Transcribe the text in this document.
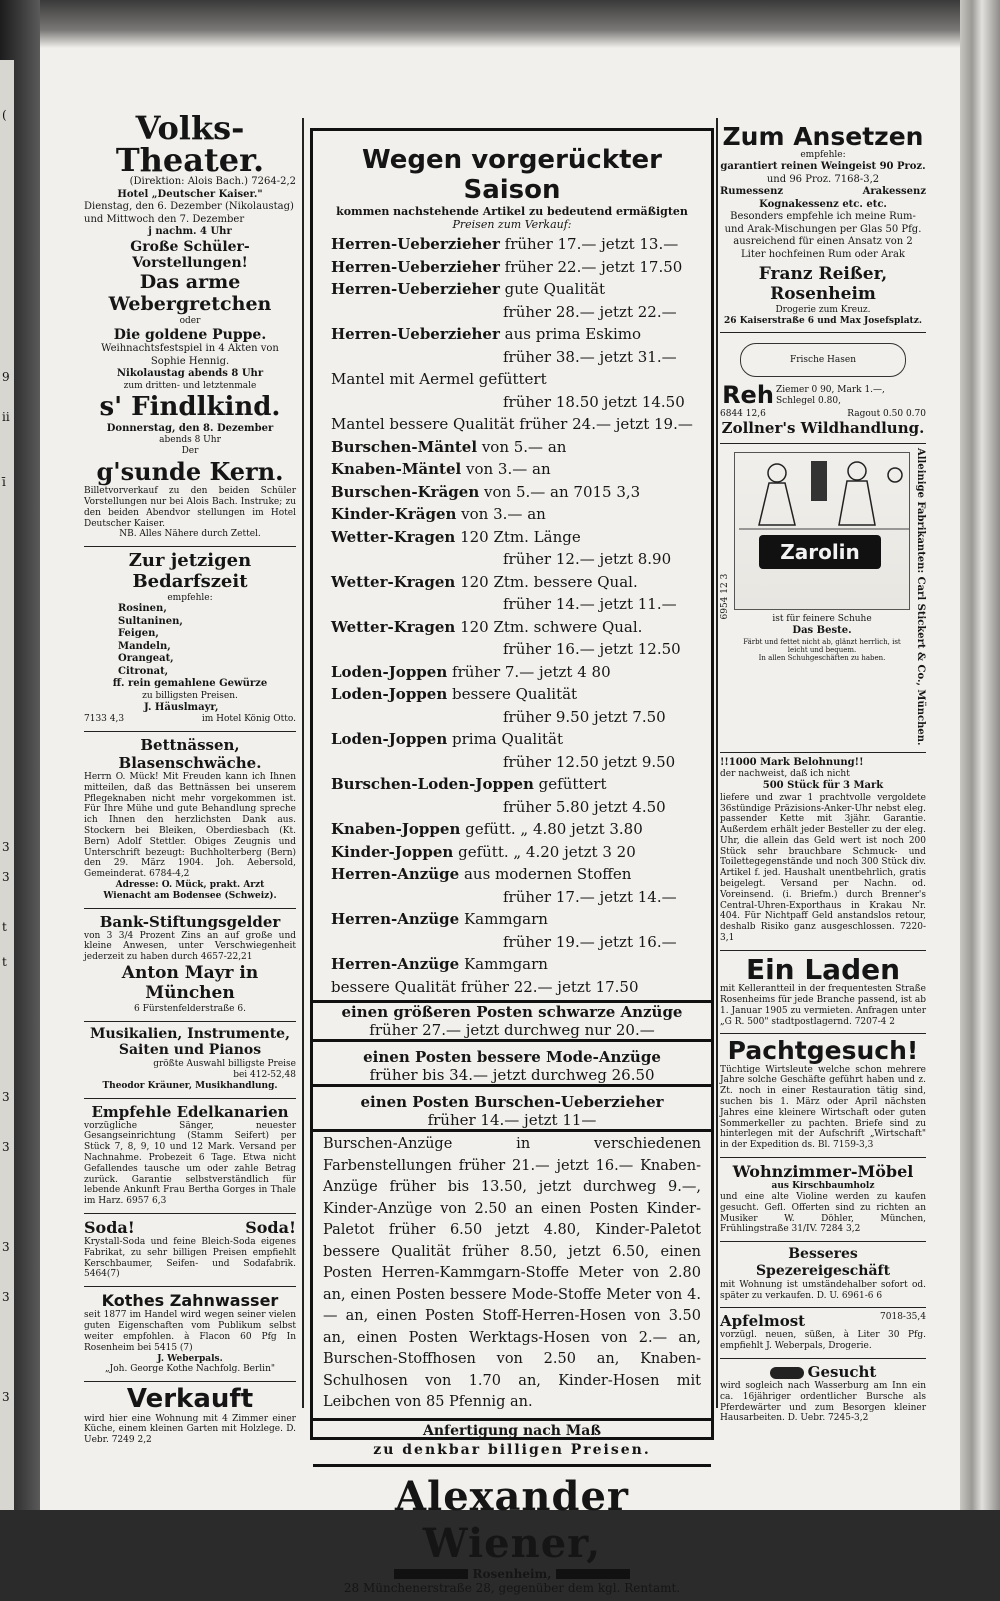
(
9
ii
ī
3
3
t
t
3
3
3
3
3
Volks-Theater.
(Direktion: Alois Bach.) 7264-2,2
Hotel „Deutscher Kaiser."
Dienstag, den 6. Dezember (Nikolaustag) und Mittwoch den 7. Dezember
j nachm. 4 Uhr
Große Schüler-Vorstellungen!
Das arme Webergretchen
oder
Die goldene Puppe.
Weihnachtsfestspiel in 4 Akten von Sophie Hennig.
Nikolaustag abends 8 Uhr
zum dritten- und letztenmale
s' Findlkind.
Donnerstag, den 8. Dezember
abends 8 Uhr
Der
g'sunde Kern.
Billetvorverkauf zu den beiden Schüler Vorstellungen nur bei Alois Bach. Instruke; zu den beiden Abendvor stellungen im Hotel Deutscher Kaiser.
NB. Alles Nähere durch Zettel.
Zur jetzigen Bedarfszeit
empfehle:
Rosinen,
Sultaninen,
Feigen,
Mandeln,
Orangeat,
Citronat,
ff. rein gemahlene Gewürze
zu billigsten Preisen.
J. Häuslmayr,
7133 4,3	im Hotel König Otto.
Bettnässen, Blasenschwäche.
Herrn O. Mück! Mit Freuden kann ich Ihnen mitteilen, daß das Bettnässen bei unserem Pflegeknaben nicht mehr vorgekommen ist. Für Ihre Mühe und gute Behandlung spreche ich Ihnen den herzlichsten Dank aus. Stockern bei Bleiken, Oberdiesbach (Kt. Bern) Adolf Stettler. Obiges Zeugnis und Unterschrift bezeugt: Buchholterberg (Bern) den 29. März 1904. Joh. Aebersold, Gemeinderat. 6784-4,2
Adresse: O. Mück, prakt. Arzt
Wienacht am Bodensee (Schweiz).
Bank-Stiftungsgelder
von 3 3/4 Prozent Zins an auf große und kleine Anwesen, unter Verschwiegenheit jederzeit zu haben durch 4657-22,21
Anton Mayr in München
6 Fürstenfelderstraße 6.
Musikalien, Instrumente, Saiten und Pianos
größte Auswahl billigste Preise
bei 412-52,48
Theodor Kräuner, Musikhandlung.
Empfehle Edelkanarien
vorzügliche Sänger, neuester Gesangseinrichtung (Stamm Seifert) per Stück 7, 8, 9, 10 und 12 Mark. Versand per Nachnahme. Probezeit 6 Tage. Etwa nicht Gefallendes tausche um oder zahle Betrag zurück. Garantie selbstverständlich für lebende Ankunft Frau Bertha Gorges in Thale im Harz. 6957 6,3
Soda!	Soda!
Krystall-Soda und feine Bleich-Soda eigenes Fabrikat, zu sehr billigen Preisen empfiehlt Kerschbaumer, Seifen- und Sodafabrik. 5464(7)
Kothes Zahnwasser
seit 1877 im Handel wird wegen seiner vielen guten Eigenschaften vom Publikum selbst weiter empfohlen. à Flacon 60 Pfg In Rosenheim bei 5415 (7)
J. Weberpals.
„Joh. George Kothe Nachfolg. Berlin"
Verkauft
wird hier eine Wohnung mit 4 Zimmer einer Küche, einem kleinen Garten mit Holzlege. D. Uebr. 7249 2,2
Wegen vorgerückter Saison
kommen nachstehende Artikel zu bedeutend ermäßigten
Preisen zum Verkauf:
Herren-Ueberzieher früher 17.— jetzt 13.—
Herren-Ueberzieher früher 22.— jetzt 17.50
Herren-Ueberzieher gute Qualität
früher 28.— jetzt 22.—
Herren-Ueberzieher aus prima Eskimo
früher 38.— jetzt 31.—
Mantel mit Aermel gefüttert
früher 18.50 jetzt 14.50
Mantel bessere Qualität früher 24.— jetzt 19.—
Burschen-Mäntel von 5.— an
Knaben-Mäntel von 3.— an
Burschen-Krägen von 5.— an 7015 3,3
Kinder-Krägen von 3.— an
Wetter-Kragen 120 Ztm. Länge
früher 12.— jetzt 8.90
Wetter-Kragen 120 Ztm. bessere Qual.
früher 14.— jetzt 11.—
Wetter-Kragen 120 Ztm. schwere Qual.
früher 16.— jetzt 12.50
Loden-Joppen früher 7.— jetzt 4 80
Loden-Joppen bessere Qualität
früher 9.50 jetzt 7.50
Loden-Joppen prima Qualität
früher 12.50 jetzt 9.50
Burschen-Loden-Joppen gefüttert
früher 5.80 jetzt 4.50
Knaben-Joppen gefütt. „ 4.80 jetzt 3.80
Kinder-Joppen gefütt. „ 4.20 jetzt 3 20
Herren-Anzüge aus modernen Stoffen
früher 17.— jetzt 14.—
Herren-Anzüge Kammgarn
früher 19.— jetzt 16.—
Herren-Anzüge Kammgarn
bessere Qualität früher 22.— jetzt 17.50
einen größeren Posten schwarze Anzüge
früher 27.— jetzt durchweg nur 20.—
einen Posten bessere Mode-Anzüge
früher bis 34.— jetzt durchweg 26.50
einen Posten Burschen-Ueberzieher
früher 14.— jetzt 11—
Burschen-Anzüge in verschiedenen Farbenstellungen früher 21.— jetzt 16.— Knaben-Anzüge früher bis 13.50, jetzt durchweg 9.—, Kinder-Anzüge von 2.50 an einen Posten Kinder-Paletot früher 6.50 jetzt 4.80, Kinder-Paletot bessere Qualität früher 8.50, jetzt 6.50, einen Posten Herren-Kammgarn-Stoffe Meter von 2.80 an, einen Posten bessere Mode-Stoffe Meter von 4.— an, einen Posten Stoff-Herren-Hosen von 3.50 an, einen Posten Werktags-Hosen von 2.— an, Burschen-Stoffhosen von 2.50 an, Knaben-Schulhosen von 1.70 an, Kinder-Hosen mit Leibchen von 85 Pfennig an.
Anfertigung nach Maß
zu denkbar billigen Preisen.
Alexander Wiener,
Rosenheim,
28 Münchenerstraße 28, gegenüber dem kgl. Rentamt.
Zum Ansetzen
empfehle:
garantiert reinen Weingeist 90 Proz.
und 96 Proz. 7168-3,2
Rumessenz	Arakessenz
Kognakessenz etc. etc.
Besonders empfehle ich meine Rum- und Arak-Mischungen per Glas 50 Pfg. ausreichend für einen Ansatz von 2 Liter hochfeinen Rum oder Arak
Franz Reißer, Rosenheim
Drogerie zum Kreuz.
26 Kaiserstraße 6 und Max Josefsplatz.
Frische Hasen
Reh Ziemer 0 90, Mark 1.—,
Schlegel 0.80,
6844 12,6	Ragout 0.50 0.70
Zollner's Wildhandlung.
6954 12 3
Zarolin
ist für feinere Schuhe
Das Beste.
Färbt und fettet nicht ab, glänzt herrlich, ist leicht und bequem.
In allen Schuhgeschäften zu haben.	Alleinige Fabrikanten: Carl Stickert & Co., München.
!!1000 Mark Belohnung!!
der nachweist, daß ich nicht
500 Stück für 3 Mark
liefere und zwar 1 prachtvolle vergoldete 36stündige Präzisions-Anker-Uhr nebst eleg. passender Kette mit 3jähr. Garantie. Außerdem erhält jeder Besteller zu der eleg. Uhr, die allein das Geld wert ist noch 200 Stück sehr brauchbare Schmuck- und Toilettegegenstände und noch 300 Stück div. Artikel f. jed. Haushalt unentbehrlich, gratis beigelegt. Versand per Nachn. od. Voreinsend. (i. Briefm.) durch Brenner's Central-Uhren-Exporthaus in Krakau Nr. 404. Für Nichtpaff Geld anstandslos retour, deshalb Risiko ganz ausgeschlossen. 7220-3,1
Ein Laden
mit Kellerantteil in der frequentesten Straße Rosenheims für jede Branche passend, ist ab 1. Januar 1905 zu vermieten. Anfragen unter „G R. 500" stadtpostlagernd. 7207-4 2
Pachtgesuch!
Tüchtige Wirtsleute welche schon mehrere Jahre solche Geschäfte geführt haben und z. Zt. noch in einer Restauration tätig sind, suchen bis 1. März oder April nächsten Jahres eine kleinere Wirtschaft oder guten Sommerkeller zu pachten. Briefe sind zu hinterlegen mit der Aufschrift „Wirtschaft" in der Expedition ds. Bl. 7159-3,3
Wohnzimmer-Möbel
aus Kirschbaumholz
und eine alte Violine werden zu kaufen gesucht. Gefl. Offerten sind zu richten an Musiker W. Döhler, München, Frühlingstraße 31/IV. 7284 3,2
Besseres Spezereigeschäft
mit Wohnung ist umständehalber sofort od. später zu verkaufen. D. U. 6961-6 6
Apfelmost	7018-35,4
vorzügl. neuen, süßen, à Liter 30 Pfg. empfiehlt J. Weberpals, Drogerie.
Gesucht
wird sogleich nach Wasserburg am Inn ein ca. 16jähriger ordentlicher Bursche als Pferdewärter und zum Besorgen kleiner Hausarbeiten. D. Uebr. 7245-3,2
